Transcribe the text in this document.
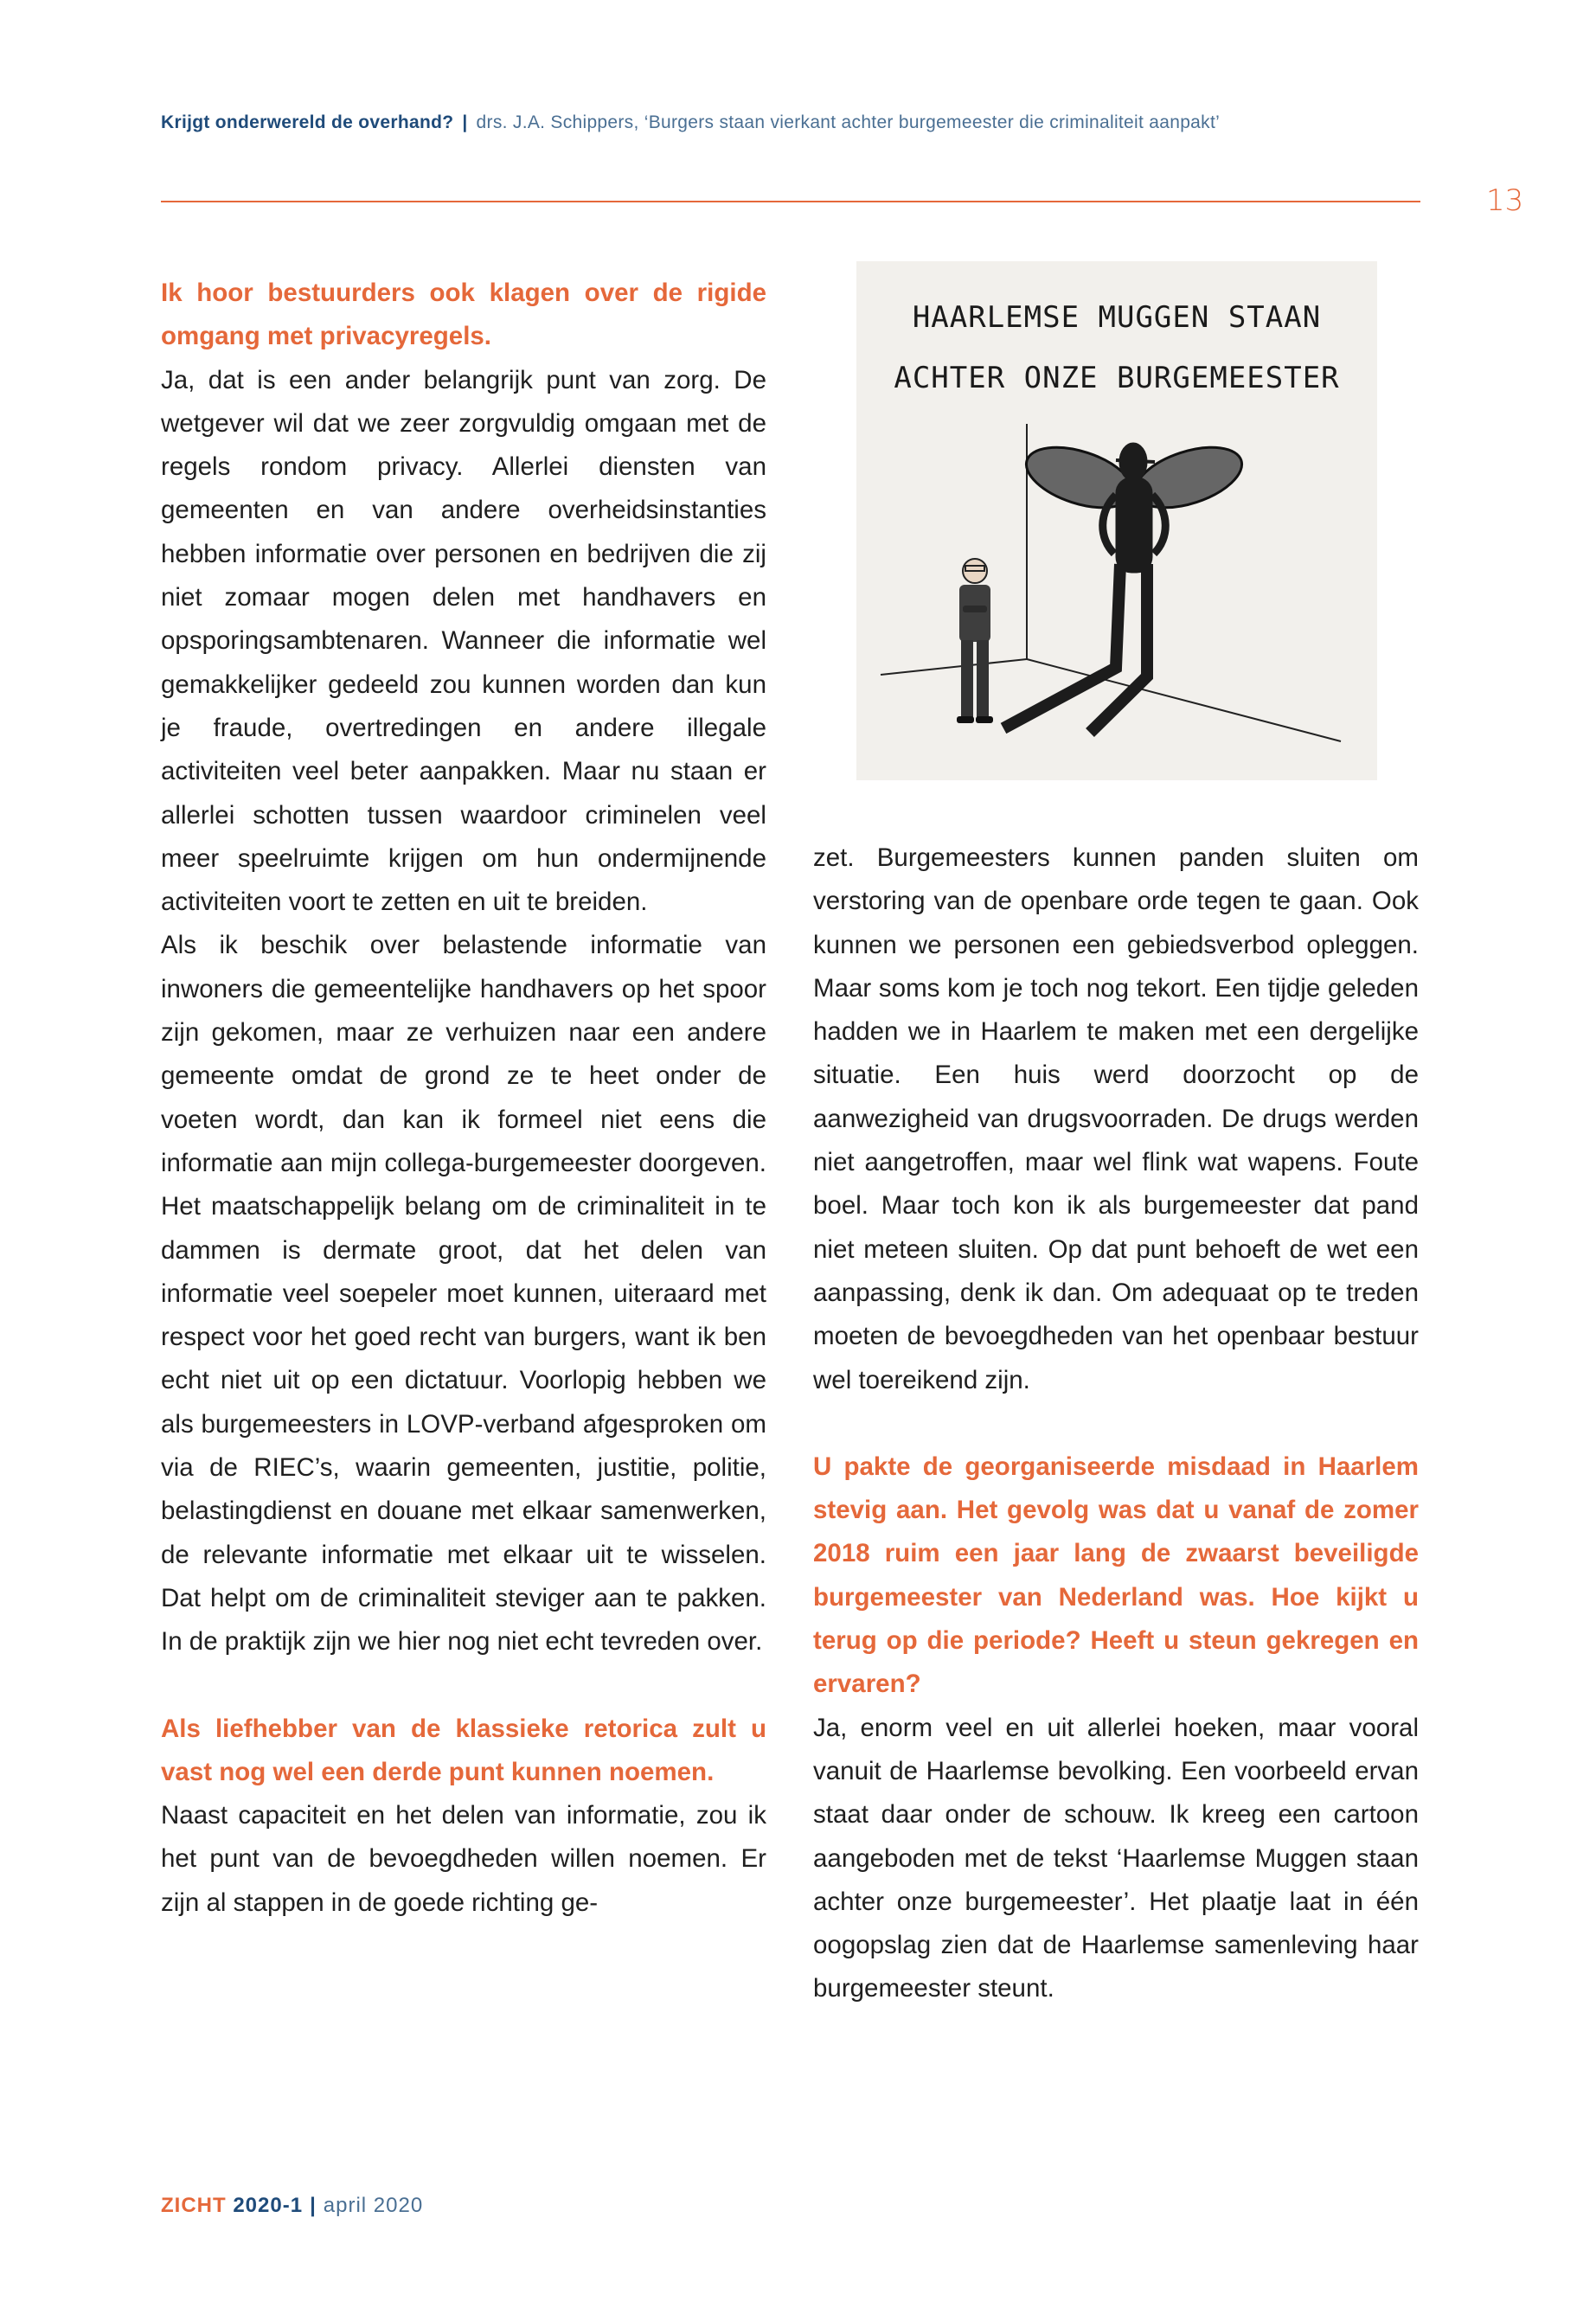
Krijgt onderwereld de overhand? | drs. J.A. Schippers, ‘Burgers staan vierkant achter burgemeester die criminaliteit aanpakt’
13

Ik hoor bestuurders ook klagen over de rigide omgang met privacyregels.

Ja, dat is een ander belangrijk punt van zorg. De wetgever wil dat we zeer zorgvuldig omgaan met de regels rondom privacy. Allerlei diensten van gemeenten en van andere overheidsinstanties hebben informatie over personen en bedrijven die zij niet zomaar mogen delen met handhavers en opsporingsambtenaren. Wanneer die informatie wel gemakkelijker gedeeld zou kunnen worden dan kun je fraude, overtredingen en andere illegale activiteiten veel beter aanpakken. Maar nu staan er allerlei schotten tussen waardoor criminelen veel meer speelruimte krijgen om hun ondermijnende activiteiten voort te zetten en uit te breiden.

Als ik beschik over belastende informatie van inwoners die gemeentelijke handhavers op het spoor zijn gekomen, maar ze verhuizen naar een andere gemeente omdat de grond ze te heet onder de voeten wordt, dan kan ik formeel niet eens die informatie aan mijn collega-burgemeester doorgeven. Het maatschappelijk belang om de criminaliteit in te dammen is dermate groot, dat het delen van informatie veel soepeler moet kunnen, uiteraard met respect voor het goed recht van burgers, want ik ben echt niet uit op een dictatuur. Voorlopig hebben we als burgemeesters in LOVP-verband afgesproken om via de RIEC’s, waarin gemeenten, justitie, politie, belastingdienst en douane met elkaar samenwerken, de relevante informatie met elkaar uit te wisselen. Dat helpt om de criminaliteit steviger aan te pakken. In de praktijk zijn we hier nog niet echt tevreden over.

Als liefhebber van de klassieke retorica zult u vast nog wel een derde punt kunnen noemen.

Naast capaciteit en het delen van informatie, zou ik het punt van de bevoegdheden willen noemen. Er zijn al stappen in de goede richting ge-

HAARLEMSE MUGGEN STAAN
ACHTER ONZE BURGEMEESTER

zet. Burgemeesters kunnen panden sluiten om verstoring van de openbare orde tegen te gaan. Ook kunnen we personen een gebiedsverbod opleggen. Maar soms kom je toch nog tekort. Een tijdje geleden hadden we in Haarlem te maken met een dergelijke situatie. Een huis werd doorzocht op de aanwezigheid van drugsvoorraden. De drugs werden niet aangetroffen, maar wel flink wat wapens. Foute boel. Maar toch kon ik als burgemeester dat pand niet meteen sluiten. Op dat punt behoeft de wet een aanpassing, denk ik dan. Om adequaat op te treden moeten de bevoegdheden van het openbaar bestuur wel toereikend zijn.

U pakte de georganiseerde misdaad in Haarlem stevig aan. Het gevolg was dat u vanaf de zomer 2018 ruim een jaar lang de zwaarst beveiligde burgemeester van Nederland was. Hoe kijkt u terug op die periode? Heeft u steun gekregen en ervaren?

Ja, enorm veel en uit allerlei hoeken, maar vooral vanuit de Haarlemse bevolking. Een voorbeeld ervan staat daar onder de schouw. Ik kreeg een cartoon aangeboden met de tekst ‘Haarlemse Muggen staan achter onze burgemeester’. Het plaatje laat in één oogopslag zien dat de Haarlemse samenleving haar burgemeester steunt.

ZICHT 2020-1 | april 2020
